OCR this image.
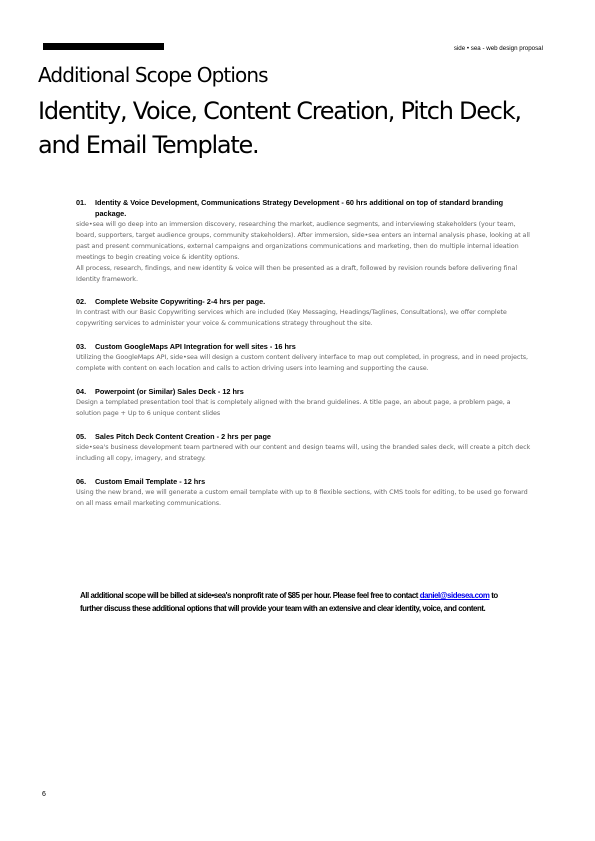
side • sea - web design proposal
Additional Scope Options
Identity, Voice, Content Creation, Pitch Deck, and Email Template.
01.	Identity & Voice Development, Communications Strategy Development - 60 hrs additional on top of standard branding package.

side•sea will go deep into an immersion discovery, researching the market, audience segments, and interviewing stakeholders (your team, board, supporters, target audience groups, community stakeholders). After immersion, side•sea enters an internal analysis phase, looking at all past and present communications, external campaigns and organizations communications and marketing, then do multiple internal ideation meetings to begin creating voice & identity options.

All process, research, findings, and new identity & voice will then be presented as a draft, followed by revision rounds before delivering final Identity framework.

02.	Complete Website Copywriting- 2-4 hrs per page.

In contrast with our Basic Copywriting services which are included (Key Messaging, Headings/Taglines, Consultations), we offer complete copywriting services to administer your voice & communications strategy throughout the site.

03.	Custom GoogleMaps API Integration for well sites - 16 hrs

Utilizing the GoogleMaps API, side•sea will design a custom content delivery interface to map out completed, in progress, and in need projects, complete with content on each location and calls to action driving users into learning and supporting the cause.

04.	Powerpoint (or Similar) Sales Deck - 12 hrs

Design a templated presentation tool that is completely aligned with the brand guidelines. A title page, an about page, a problem page, a solution page + Up to 6 unique content slides

05.	Sales Pitch Deck Content Creation - 2 hrs per page

side•sea's business development team partnered with our content and design teams will, using the branded sales deck, will create a pitch deck including all copy, imagery, and strategy.

06.	Custom Email Template - 12 hrs

Using the new brand, we will generate a custom email template with up to 8 flexible sections, with CMS tools for editing, to be used go forward on all mass email marketing communications.

All additional scope will be billed at side•sea's nonprofit rate of $85 per hour. Please feel free to contact daniel@sidesea.com to further discuss these additional options that will provide your team with an extensive and clear identity, voice, and content.
6
